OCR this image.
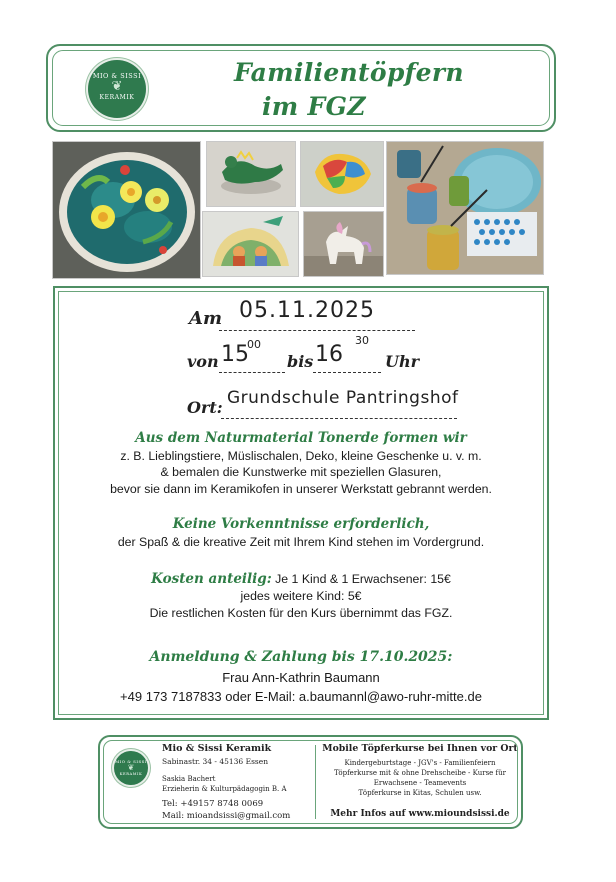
MIO & SISSI
❦
KERAMIK
Familientöpfern
im FGZ
Am 05.11.2025
von 15
00
bis 16
30
Uhr
Ort: Grundschule Pantringshof
Aus dem Naturmaterial Tonerde formen wir
z. B. Lieblingstiere, Müslischalen, Deko, kleine Geschenke u. v. m.
& bemalen die Kunstwerke mit speziellen Glasuren,
bevor sie dann im Keramikofen in unserer Werkstatt gebrannt werden.
Keine Vorkenntnisse erforderlich,
der Spaß & die kreative Zeit mit Ihrem Kind stehen im Vordergrund.
Kosten anteilig: Je 1 Kind & 1 Erwachsener: 15€
jedes weitere Kind: 5€
Die restlichen Kosten für den Kurs übernimmt das FGZ.
Anmeldung & Zahlung bis 17.10.2025:
Frau Ann-Kathrin Baumann
+49 173 7187833 oder E-Mail: a.baumannl@awo-ruhr-mitte.de
MIO & SISSI
❦
KERAMIK
Mio & Sissi Keramik
Sabinastr. 34 - 45136 Essen
Saskia Bachert
Erzieherin & Kulturpädagogin B. A
Tel: +49157 8748 0069
Mail: mioandsissi@gmail.com
Mobile Töpferkurse bei Ihnen vor Ort
Kindergeburtstage - JGV's - Familienfeiern
Töpferkurse mit & ohne Drehscheibe - Kurse für
Erwachsene - Teamevents
Töpferkurse in Kitas, Schulen usw.
Mehr Infos auf www.mioundsissi.de
